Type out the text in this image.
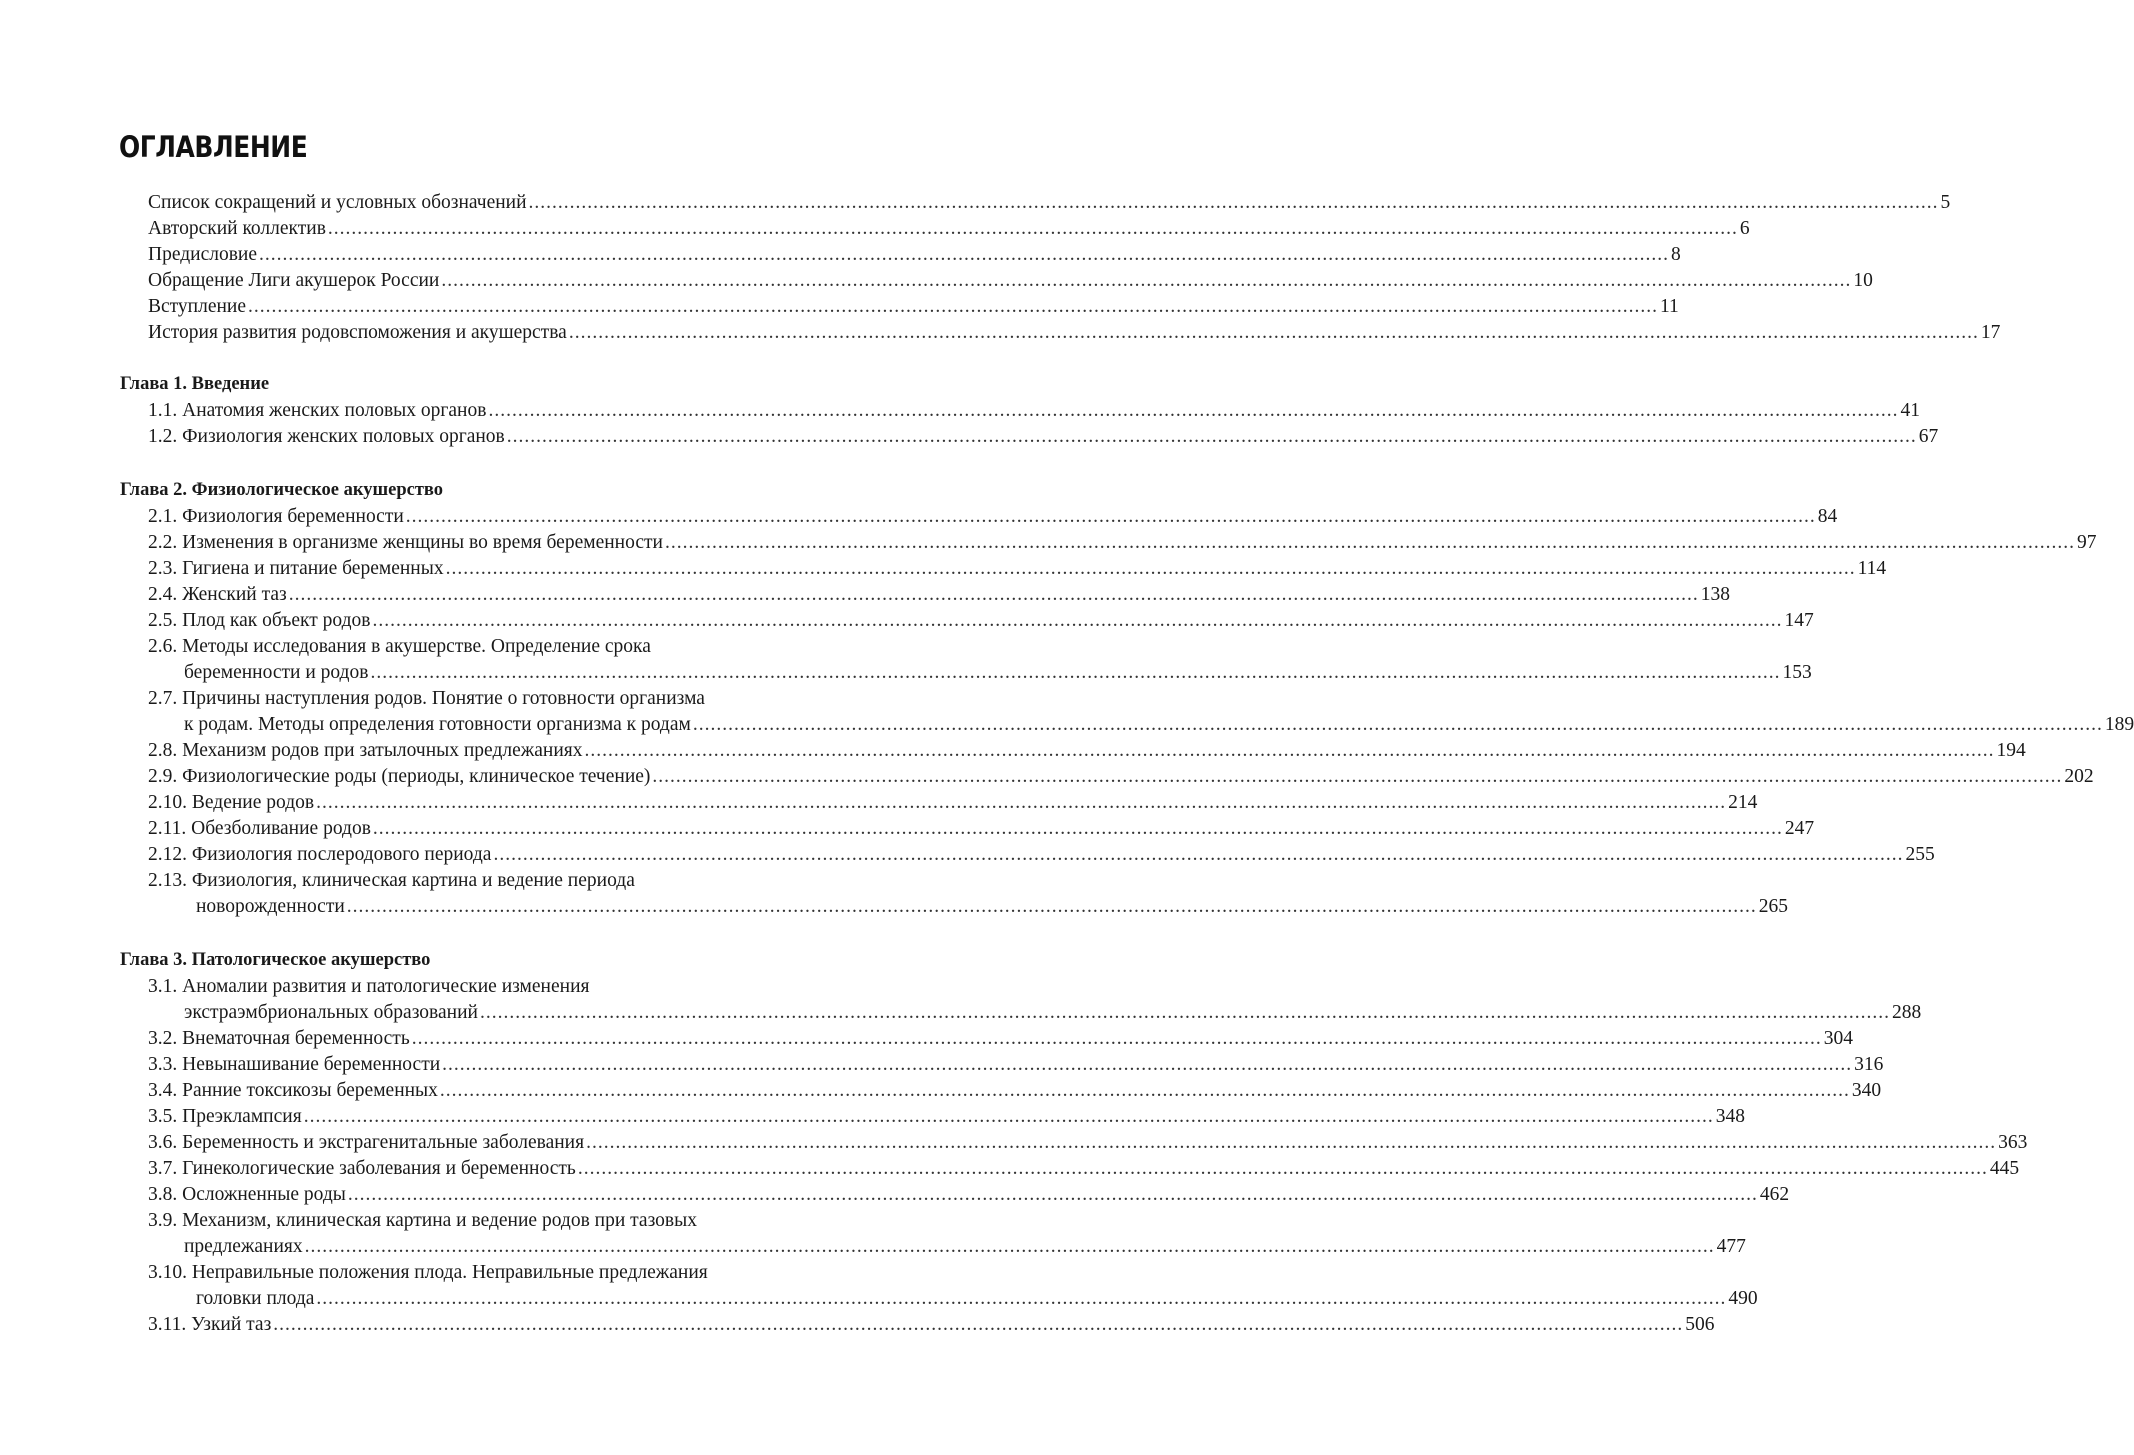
ОГЛАВЛЕНИЕ
Список сокращений и условных обозначений .....	5
Авторский коллектив .....	6
Предисловие .....	8
Обращение Лиги акушерок России .....	10
Вступление .....	11
История развития родовспоможения и акушерства .....	17
Глава 1. Введение
1.1. Анатомия женских половых органов .....	41
1.2. Физиология женских половых органов .....	67
Глава 2. Физиологическое акушерство
2.1. Физиология беременности .....	84
2.2. Изменения в организме женщины во время беременности .....	97
2.3. Гигиена и питание беременных .....	114
2.4. Женский таз .....	138
2.5. Плод как объект родов .....	147
2.6. Методы исследования в акушерстве. Определение срока
беременности и родов .....	153
2.7. Причины наступления родов. Понятие о готовности организма
к родам. Методы определения готовности организма к родам .....	189
2.8. Механизм родов при затылочных предлежаниях .....	194
2.9. Физиологические роды (периоды, клиническое течение) .....	202
2.10. Ведение родов .....	214
2.11. Обезболивание родов .....	247
2.12. Физиология послеродового периода .....	255
2.13. Физиология, клиническая картина и ведение периода
новорожденности .....	265
Глава 3. Патологическое акушерство
3.1. Аномалии развития и патологические изменения
экстраэмбриональных образований .....	288
3.2. Внематочная беременность .....	304
3.3. Невынашивание беременности .....	316
3.4. Ранние токсикозы беременных .....	340
3.5. Преэклампсия .....	348
3.6. Беременность и экстрагенитальные заболевания .....	363
3.7. Гинекологические заболевания и беременность .....	445
3.8. Осложненные роды .....	462
3.9. Механизм, клиническая картина и ведение родов при тазовых
предлежаниях .....	477
3.10. Неправильные положения плода. Неправильные предлежания
головки плода .....	490
3.11. Узкий таз .....	506
